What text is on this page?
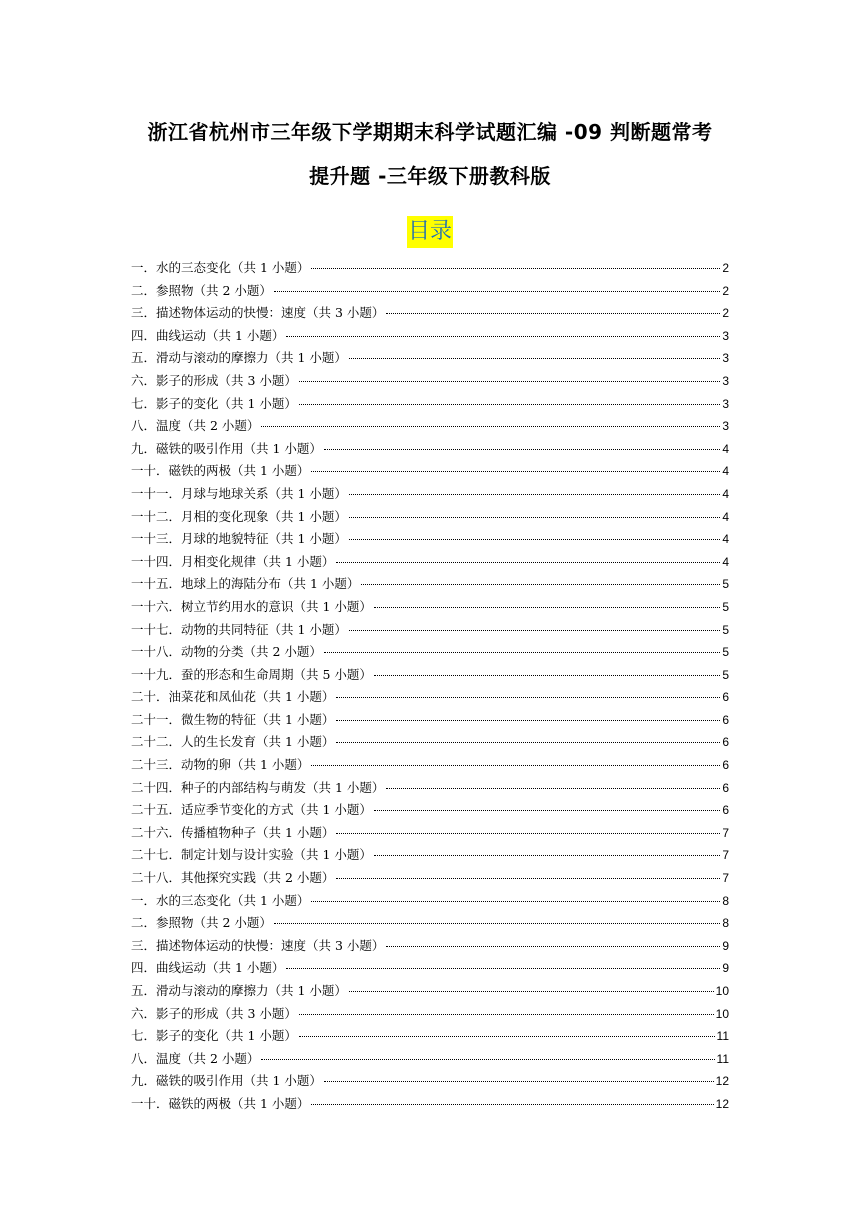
浙江省杭州市三年级下学期期末科学试题汇编 -09 判断题常考
提升题 -三年级下册教科版
目录
一．水的三态变化（共 1 小题）	2
二．参照物（共 2 小题）	2
三．描述物体运动的快慢：速度（共 3 小题）	2
四．曲线运动（共 1 小题）	3
五．滑动与滚动的摩擦力（共 1 小题）	3
六．影子的形成（共 3 小题）	3
七．影子的变化（共 1 小题）	3
八．温度（共 2 小题）	3
九．磁铁的吸引作用（共 1 小题）	4
一十．磁铁的两极（共 1 小题）	4
一十一．月球与地球关系（共 1 小题）	4
一十二．月相的变化现象（共 1 小题）	4
一十三．月球的地貌特征（共 1 小题）	4
一十四．月相变化规律（共 1 小题）	4
一十五．地球上的海陆分布（共 1 小题）	5
一十六．树立节约用水的意识（共 1 小题）	5
一十七．动物的共同特征（共 1 小题）	5
一十八．动物的分类（共 2 小题）	5
一十九．蚕的形态和生命周期（共 5 小题）	5
二十．油菜花和凤仙花（共 1 小题）	6
二十一．微生物的特征（共 1 小题）	6
二十二．人的生长发育（共 1 小题）	6
二十三．动物的卵（共 1 小题）	6
二十四．种子的内部结构与萌发（共 1 小题）	6
二十五．适应季节变化的方式（共 1 小题）	6
二十六．传播植物种子（共 1 小题）	7
二十七．制定计划与设计实验（共 1 小题）	7
二十八．其他探究实践（共 2 小题）	7
一．水的三态变化（共 1 小题）	8
二．参照物（共 2 小题）	8
三．描述物体运动的快慢：速度（共 3 小题）	9
四．曲线运动（共 1 小题）	9
五．滑动与滚动的摩擦力（共 1 小题）	10
六．影子的形成（共 3 小题）	10
七．影子的变化（共 1 小题）	11
八．温度（共 2 小题）	11
九．磁铁的吸引作用（共 1 小题）	12
一十．磁铁的两极（共 1 小题）	12
